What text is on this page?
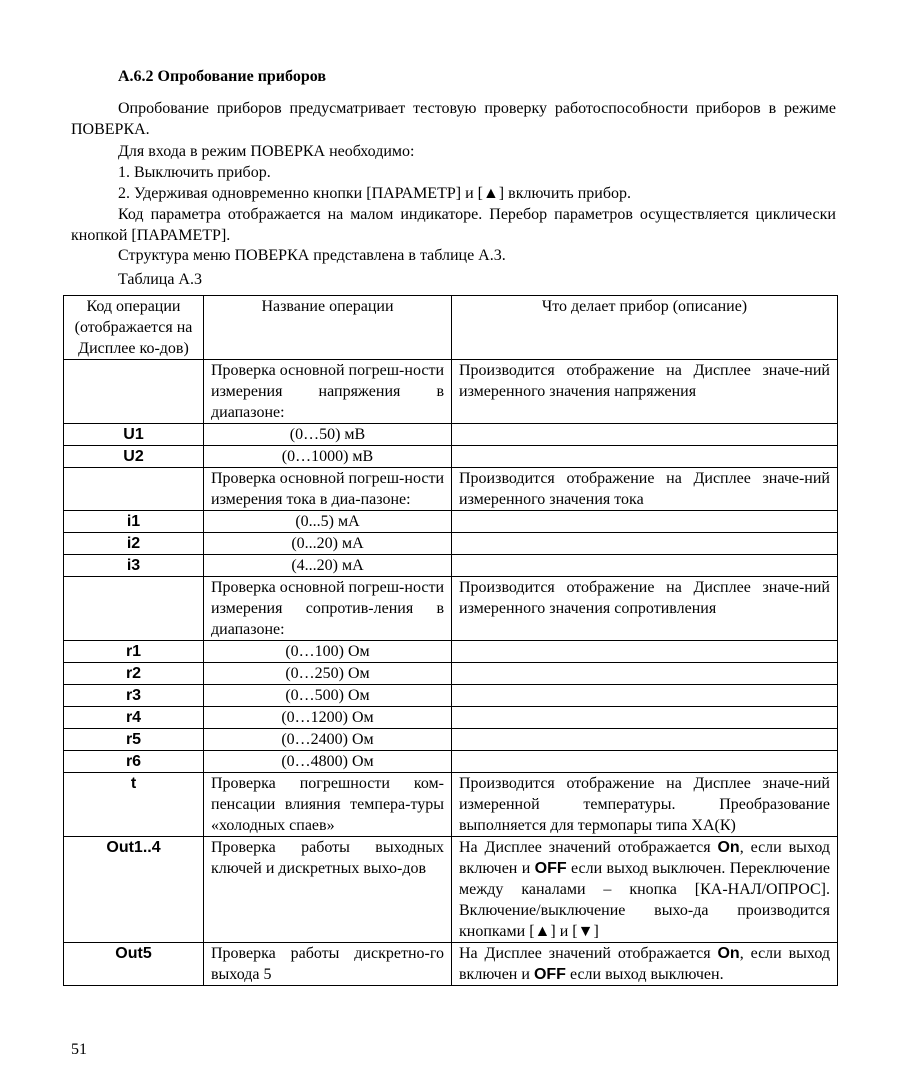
А.6.2 Опробование приборов

Опробование приборов предусматривает тестовую проверку работоспособности приборов в режиме ПОВЕРКА.

Для входа в режим ПОВЕРКА необходимо:

1. Выключить прибор.

2. Удерживая одновременно кнопки [ПАРАМЕТР] и [▲] включить прибор.

Код параметра отображается на малом индикаторе. Перебор параметров осуществляется циклически кнопкой [ПАРАМЕТР].

Структура меню ПОВЕРКА представлена в таблице А.3.

Таблица А.3
Код операции (отображается на Дисплее ко-дов)	Название операции	Что делает прибор (описание)
	Проверка основной погреш-ности измерения напряжения в диапазоне:	Производится отображение на Дисплее значе-ний измеренного значения напряжения
U1	(0…50) мВ	
U2	(0…1000) мВ	
	Проверка основной погреш-ности измерения тока в диа-пазоне:	Производится отображение на Дисплее значе-ний измеренного значения тока
i1	(0...5) мА	
i2	(0...20) мА	
i3	(4...20) мА	
	Проверка основной погреш-ности измерения сопротив-ления в диапазоне:	Производится отображение на Дисплее значе-ний измеренного значения сопротивления
r1	(0…100) Ом	
r2	(0…250) Ом	
r3	(0…500) Ом	
r4	(0…1200) Ом	
r5	(0…2400) Ом	
r6	(0…4800) Ом	
t	Проверка погрешности ком-пенсации влияния темпера-туры «холодных спаев»	Производится отображение на Дисплее значе-ний измеренной температуры. Преобразование выполняется для термопары типа ХА(К)
Out1..4	Проверка работы выходных ключей и дискретных выхо-дов	На Дисплее значений отображается On, если выход включен и OFF если выход выключен. Переключение между каналами – кнопка [КА-НАЛ/ОПРОС]. Включение/выключение выхо-да производится кнопками [▲] и [▼]
Out5	Проверка работы дискретно-го выхода 5	На Дисплее значений отображается On, если выход включен и OFF если выход выключен.
51
